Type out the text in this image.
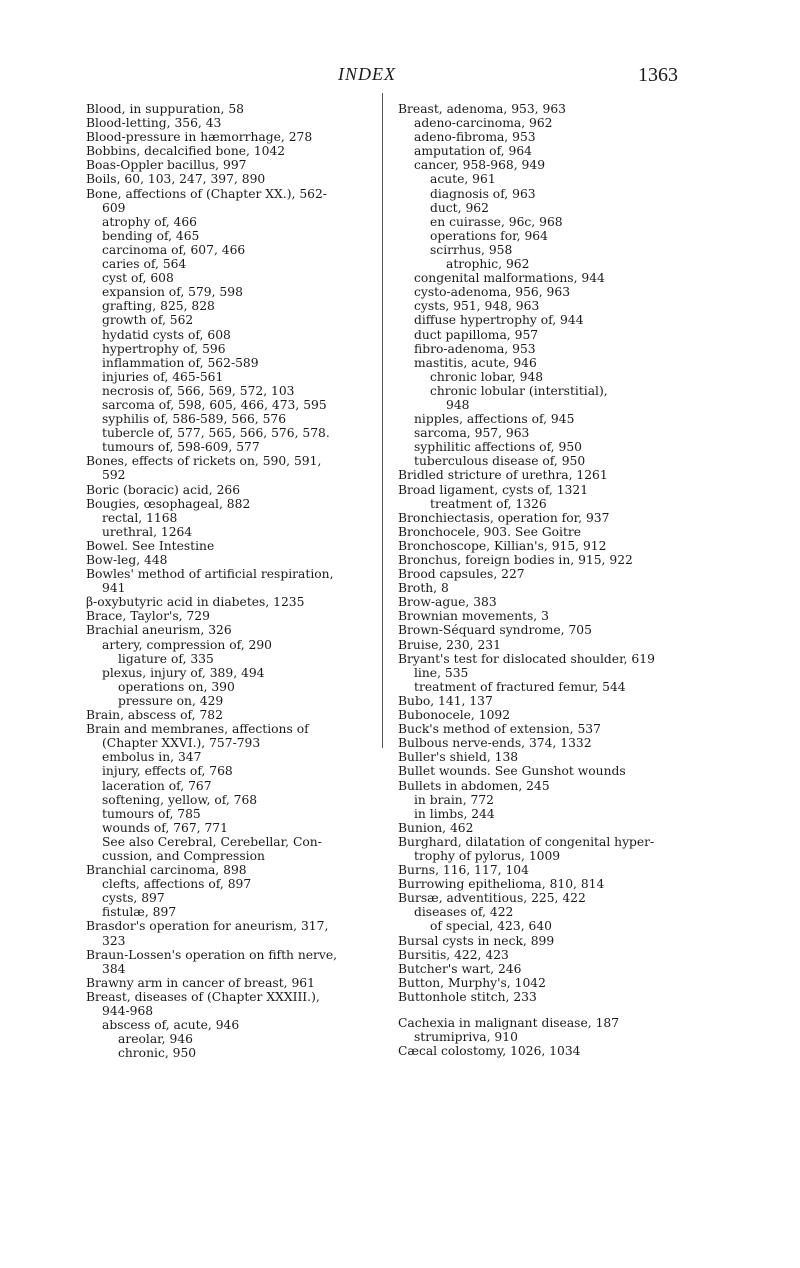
INDEX	1363
Blood, in suppuration, 58
Blood-letting, 356, 43
Blood-pressure in hæmorrhage, 278
Bobbins, decalcified bone, 1042
Boas-Oppler bacillus, 997
Boils, 60, 103, 247, 397, 890
Bone, affections of (Chapter XX.), 562-
609
atrophy of, 466
bending of, 465
carcinoma of, 607, 466
caries of, 564
cyst of, 608
expansion of, 579, 598
grafting, 825, 828
growth of, 562
hydatid cysts of, 608
hypertrophy of, 596
inflammation of, 562-589
injuries of, 465-561
necrosis of, 566, 569, 572, 103
sarcoma of, 598, 605, 466, 473, 595
syphilis of, 586-589, 566, 576
tubercle of, 577, 565, 566, 576, 578.
tumours of, 598-609, 577
Bones, effects of rickets on, 590, 591,
592
Boric (boracic) acid, 266
Bougies, œsophageal, 882
rectal, 1168
urethral, 1264
Bowel. See Intestine
Bow-leg, 448
Bowles' method of artificial respiration,
941
β-oxybutyric acid in diabetes, 1235
Brace, Taylor's, 729
Brachial aneurism, 326
artery, compression of, 290
ligature of, 335
plexus, injury of, 389, 494
operations on, 390
pressure on, 429
Brain, abscess of, 782
Brain and membranes, affections of
(Chapter XXVI.), 757-793
embolus in, 347
injury, effects of, 768
laceration of, 767
softening, yellow, of, 768
tumours of, 785
wounds of, 767, 771
See also Cerebral, Cerebellar, Con-
cussion, and Compression
Branchial carcinoma, 898
clefts, affections of, 897
cysts, 897
fistulæ, 897
Brasdor's operation for aneurism, 317,
323
Braun-Lossen's operation on fifth nerve,
384
Brawny arm in cancer of breast, 961
Breast, diseases of (Chapter XXXIII.),
944-968
abscess of, acute, 946
areolar, 946
chronic, 950
Breast, adenoma, 953, 963
adeno-carcinoma, 962
adeno-fibroma, 953
amputation of, 964
cancer, 958-968, 949
acute, 961
diagnosis of, 963
duct, 962
en cuirasse, 96c, 968
operations for, 964
scirrhus, 958
atrophic, 962
congenital malformations, 944
cysto-adenoma, 956, 963
cysts, 951, 948, 963
diffuse hypertrophy of, 944
duct papilloma, 957
fibro-adenoma, 953
mastitis, acute, 946
chronic lobar, 948
chronic lobular (interstitial),
948
nipples, affections of, 945
sarcoma, 957, 963
syphilitic affections of, 950
tuberculous disease of, 950
Bridled stricture of urethra, 1261
Broad ligament, cysts of, 1321
treatment of, 1326
Bronchiectasis, operation for, 937
Bronchocele, 903. See Goitre
Bronchoscope, Killian's, 915, 912
Bronchus, foreign bodies in, 915, 922
Brood capsules, 227
Broth, 8
Brow-ague, 383
Brownian movements, 3
Brown-Séquard syndrome, 705
Bruise, 230, 231
Bryant's test for dislocated shoulder, 619
line, 535
treatment of fractured femur, 544
Bubo, 141, 137
Bubonocele, 1092
Buck's method of extension, 537
Bulbous nerve-ends, 374, 1332
Buller's shield, 138
Bullet wounds. See Gunshot wounds
Bullets in abdomen, 245
in brain, 772
in limbs, 244
Bunion, 462
Burghard, dilatation of congenital hyper-
trophy of pylorus, 1009
Burns, 116, 117, 104
Burrowing epithelioma, 810, 814
Bursæ, adventitious, 225, 422
diseases of, 422
of special, 423, 640
Bursal cysts in neck, 899
Bursitis, 422, 423
Butcher's wart, 246
Button, Murphy's, 1042
Buttonhole stitch, 233
Cachexia in malignant disease, 187
strumipriva, 910
Cæcal colostomy, 1026, 1034
